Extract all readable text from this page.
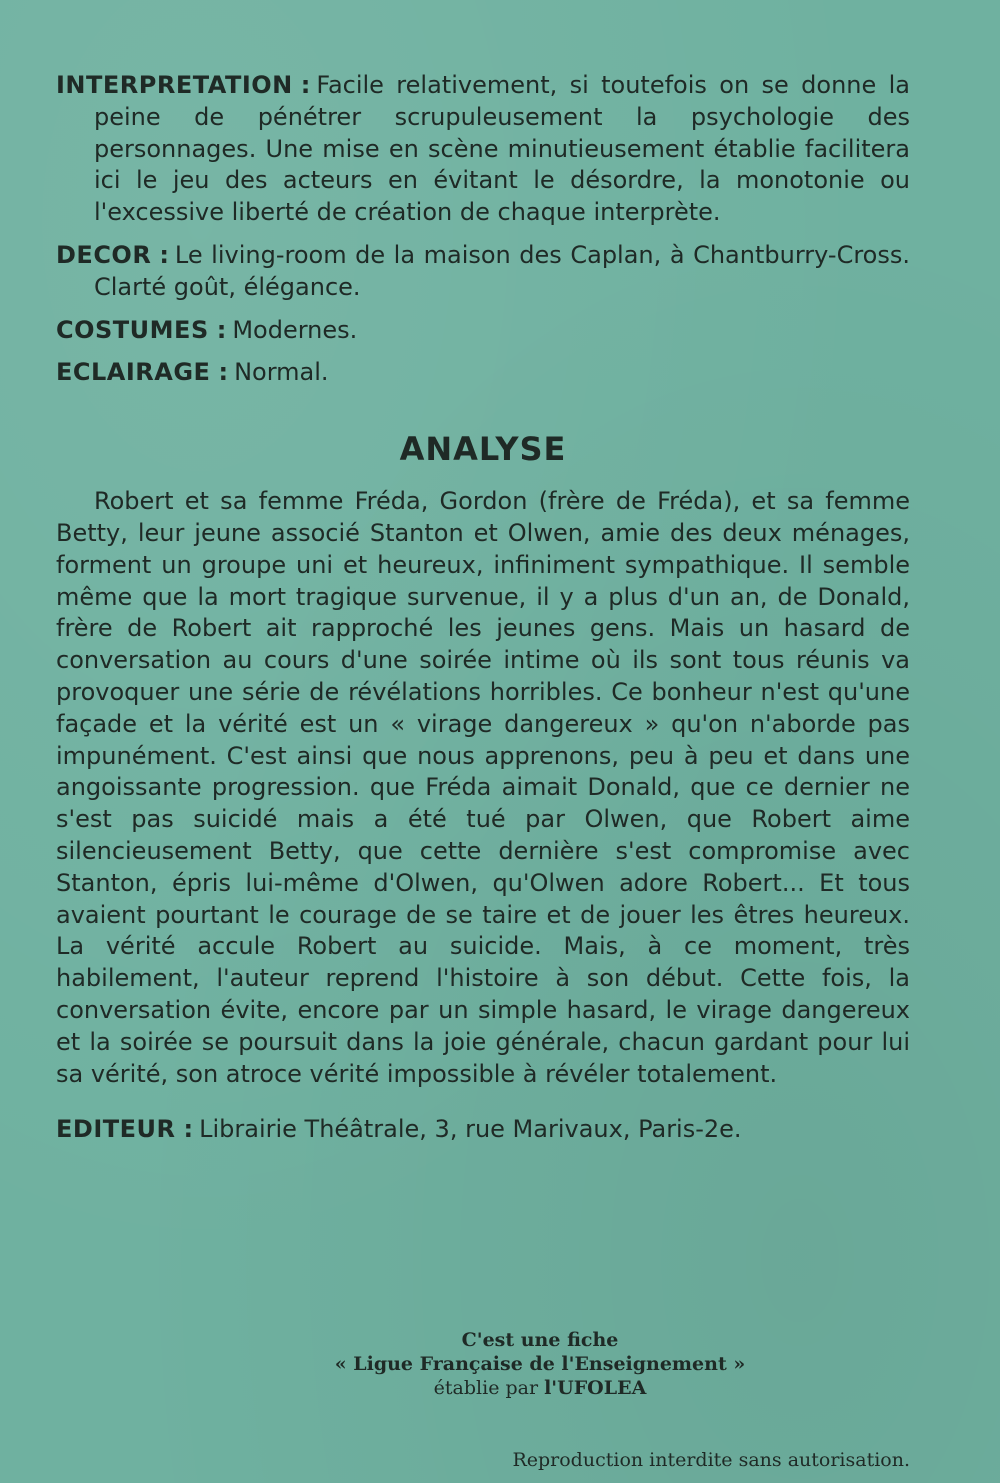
INTERPRETATION : Facile relativement, si toutefois on se donne la peine de pénétrer scrupuleusement la psychologie des personnages. Une mise en scène minutieusement établie facilitera ici le jeu des acteurs en évitant le désordre, la monotonie ou l'excessive liberté de création de chaque interprète.

DECOR : Le living-room de la maison des Caplan, à Chantburry-Cross. Clarté goût, élégance.

COSTUMES : Modernes.

ECLAIRAGE : Normal.

ANALYSE

Robert et sa femme Fréda, Gordon (frère de Fréda), et sa femme Betty, leur jeune associé Stanton et Olwen, amie des deux ménages, forment un groupe uni et heureux, infiniment sympathique. Il semble même que la mort tragique survenue, il y a plus d'un an, de Donald, frère de Robert ait rapproché les jeunes gens. Mais un hasard de conversation au cours d'une soirée intime où ils sont tous réunis va provoquer une série de révélations horribles. Ce bonheur n'est qu'une façade et la vérité est un « virage dangereux » qu'on n'aborde pas impunément. C'est ainsi que nous apprenons, peu à peu et dans une angoissante progression. que Fréda aimait Donald, que ce dernier ne s'est pas suicidé mais a été tué par Olwen, que Robert aime silencieusement Betty, que cette dernière s'est compromise avec Stanton, épris lui-même d'Olwen, qu'Olwen adore Robert... Et tous avaient pourtant le courage de se taire et de jouer les êtres heureux. La vérité accule Robert au suicide. Mais, à ce moment, très habilement, l'auteur reprend l'histoire à son début. Cette fois, la conversation évite, encore par un simple hasard, le virage dangereux et la soirée se poursuit dans la joie générale, chacun gardant pour lui sa vérité, son atroce vérité impossible à révéler totalement.

EDITEUR : Librairie Théâtrale, 3, rue Marivaux, Paris-2e.

C'est une fiche

« Ligue Française de l'Enseignement »

établie par l'UFOLEA

Reproduction interdite sans autorisation.
